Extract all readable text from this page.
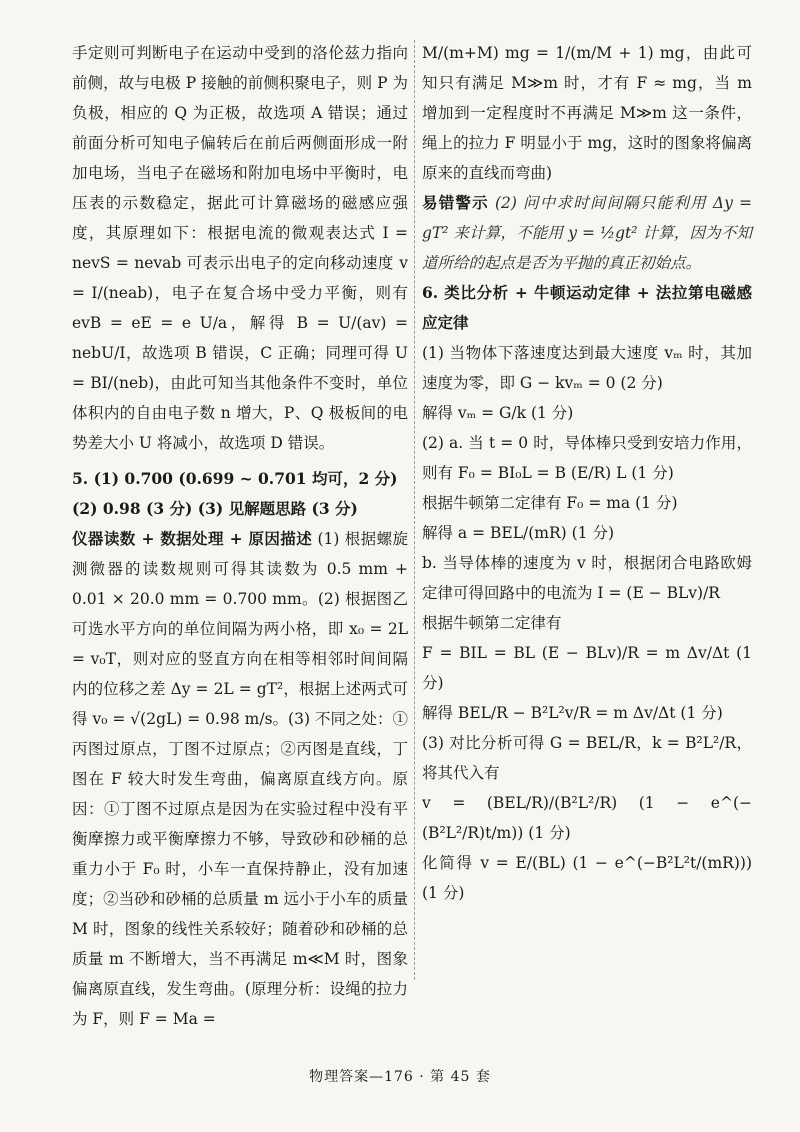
手定则可判断电子在运动中受到的洛伦兹力指向前侧，故与电极 P 接触的前侧积聚电子，则 P 为负极，相应的 Q 为正极，故选项 A 错误；通过前面分析可知电子偏转后在前后两侧面形成一附加电场，当电子在磁场和附加电场中平衡时，电压表的示数稳定，据此可计算磁场的磁感应强度，其原理如下：根据电流的微观表达式 I = nevS = nevab 可表示出电子的定向移动速度 v = I/(neab)，电子在复合场中受力平衡，则有 evB = eE = e U/a，解得 B = U/(av) = nebU/I，故选项 B 错误，C 正确；同理可得 U = BI/(neb)，由此可知当其他条件不变时，单位体积内的自由电子数 n 增大，P、Q 极板间的电势差大小 U 将减小，故选项 D 错误。

5. (1) 0.700 (0.699 ~ 0.701 均可，2 分)

(2) 0.98 (3 分) (3) 见解题思路 (3 分)

仪器读数 + 数据处理 + 原因描述 (1) 根据螺旋测微器的读数规则可得其读数为 0.5 mm + 0.01 × 20.0 mm = 0.700 mm。(2) 根据图乙可选水平方向的单位间隔为两小格，即 x₀ = 2L = v₀T，则对应的竖直方向在相等相邻时间间隔内的位移之差 Δy = 2L = gT²，根据上述两式可得 v₀ = √(2gL) = 0.98 m/s。(3) 不同之处：①丙图过原点，丁图不过原点；②丙图是直线，丁图在 F 较大时发生弯曲，偏离原直线方向。原因：①丁图不过原点是因为在实验过程中没有平衡摩擦力或平衡摩擦力不够，导致砂和砂桶的总重力小于 F₀ 时，小车一直保持静止，没有加速度；②当砂和砂桶的总质量 m 远小于小车的质量 M 时，图象的线性关系较好；随着砂和砂桶的总质量 m 不断增大，当不再满足 m≪M 时，图象偏离原直线，发生弯曲。(原理分析：设绳的拉力为 F，则 F = Ma =

M/(m+M) mg = 1/(m/M + 1) mg，由此可知只有满足 M≫m 时，才有 F ≈ mg，当 m 增加到一定程度时不再满足 M≫m 这一条件，绳上的拉力 F 明显小于 mg，这时的图象将偏离原来的直线而弯曲)

易错警示 (2) 问中求时间间隔只能利用 Δy = gT² 来计算，不能用 y = ½gt² 计算，因为不知道所给的起点是否为平抛的真正初始点。

6. 类比分析 + 牛顿运动定律 + 法拉第电磁感应定律

(1) 当物体下落速度达到最大速度 vₘ 时，其加速度为零，即 G − kvₘ = 0 (2 分)

解得 vₘ = G/k (1 分)

(2) a. 当 t = 0 时，导体棒只受到安培力作用，则有 F₀ = BI₀L = B (E/R) L (1 分)

根据牛顿第二定律有 F₀ = ma (1 分)

解得 a = BEL/(mR) (1 分)

b. 当导体棒的速度为 v 时，根据闭合电路欧姆定律可得回路中的电流为 I = (E − BLv)/R

根据牛顿第二定律有

F = BIL = BL (E − BLv)/R = m Δv/Δt (1 分)

解得 BEL/R − B²L²v/R = m Δv/Δt (1 分)

(3) 对比分析可得 G = BEL/R，k = B²L²/R，将其代入有

v = (BEL/R)/(B²L²/R) (1 − e^(−(B²L²/R)t/m)) (1 分)

化简得 v = E/(BL) (1 − e^(−B²L²t/(mR))) (1 分)

物理答案—176 · 第 45 套
